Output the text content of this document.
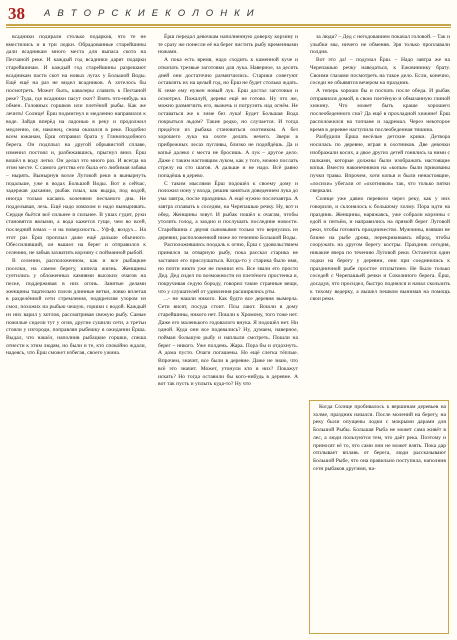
38 А В Т О Р С К И Е К О Л О Н К И

всадники подирали столько подарков, что те не вместились и в три лодки. Обрадованные старейшины дали всадникам много места для выпаса скота на Песчаной реке. И каждый год всадники дарят подарки старейшинам. И каждый год старейшины разрешают всадникам пасти скот на новых лугах у Большой Воды. Ещё ещё на раз не видел всадников. А хотелось бы посмотреть. Может быть, кавалеры славить к Песчаной реке? Туда, где всадники пасут скот? Взять что-нибудь на обмен. Головных горшков или плетёной рыбы. Как же лечить! Солнце! Ёрш подмигнул и медленно направился к воде. Зайдя вперёд на ладонью в реку и продолжил медленно, он, наконец, снова оказался в реке. Подобно всем южанам, Ёрш отправил брата у Глиноподобного берега. Он подплыл на другой обрывистой сплаве, изменил постоял и, разбежавшись, прыгнул вниз. Ёрш вошёл в воду легко. Он делал это много раз. И всегда на этом месте. С самого детства его была его любимая забава – нырять. Вынырнув возле Луговой реки и вынырнуть подальше, уже в водах Большой Воды. Вот и сейчас, задержав дыхание, рыбак плыл, как выдра, под водой, иногда только касаясь коленями песчаного дна. Не подделывая, лезь. Ещё надо взмахом и надо выныривать. Сердце бьётся всё сильнее и сильнее. В ушах гудит, руки становятся вялыми, а вода кажется гуще, чем во всей, последний взмах – и на поверхность... Уф-ф, воздух... На этот раз Ёрш проплыл даже ещё дальше обычного. Обессиливший, он вышел на берег и отправился к селению, не забыв захватить корзину с пойманной рыбой.

В селении, расположенном, как и все рыбацкие поселки, на самом берегу, кипела жизнь. Женщины суетились у обложенных камнями высоких очагов на песке, поддерживая в них огонь. Занятые делами женщины тщательно плели длинные ветки, ловко вплетая в разделённой сети стремления, подкрепляя узором из смол, похожих на рыбью чешую, горшки с водой. Каждый из них варил у котлов, рассматривая свежую рыбу. Самые пожилые сидели тут у огня, другие сушили сети, а третьи стояли у изгороди, поправляя рыбешку в ожидании Ёрша. Выдал, что нашёл, наполнив рыбацкие горшки, спеша отнести к этим людям, но были и те, кто спокойно ждали, надеясь, что Ёрш сможет избегая, своего ужина.

Ёрш передал девочкам наполненную доверху корзину и те сразу же понесли её на берег чистить рыбу временными ножами.

А пока есть время, надо сходить к каменной куче и откопать трезвые заготовки для лука. Наверное, за десять дней они достаточно размягчились. Старики советуют оставлять их на целый год, но Ёрш не будет столько ждать. К зиме ему нужен новый лук. Ёрш достал заготовки и осмотрел. Пожалуй, дерево ещё не готово. Ну что же, можно размягчить его, выжечь и погрузить над огнём. Не оставаться же к зиме без лука! Будет Большая Вода покрыться льдом? Такие редко, но случается. И тогда придётся из рыбака становиться охотником. А без хорошего лука на охоте делать нечего. Звери в прибрежных лесах пугливы, близко не подойдёшь. Да и копьё далеко с места не бросишь. А лук – другое дело. Даже с таким настоящим луком, как у того, можно послать стрелу на сто шагов. А дальше и не надо. Всё равно попадёшь в дерево.

С таким мыслями Ёрш подошёл к своему дому и положил иону у входа, решив заняться доведением лука до ума завтра, после праздника. А ещё нужно послезавтра. А завтра сплавать к соседям, на Черепашью речку. Ну, вот и обед. Женщины зовут. И рыбак пошёл к очагам, чтобы утолить голод, а заодно и послушать последние новости. Старейшина с двумя сыновьями только что вернулись из деревни, расположенной ниже по течению Большой Воды.

Расположившись поодаль к огню, Ёрш с удовольствием принялся за отварную рыбу, пока рассказ старика не заставил его прислушаться. Когда-то у старика было имя, но почти никто уже не помнил его. Все звали его просто Дед. Дед сидел по возможности из плетёного простенка и, покручивая седую бороду, говорил такие странные вещи, что у слушателей от удивления расширялись рты.

...- не нашли никого. Как будто все деревня вымерла. Сети висят, посуда стоит. Псы лают. Вошли в дому старейшины, никого нет. Пошли к Хромому, того тоже нет. Даже его маленького годовалого внука. Я подошёл нет. Ни одной. Куда они все подевались? Ну, думаем, наверное, пойман большую рыбу и наплыли смотреть. Пошли на берег – никого. Уже полдень. Жара. Пора бы и отдохнуть. А дома пусто. Очаги погашены. Но ещё слегка тёплые. Впрочем, значит, все были в деревне. Даже не знаю, что всё это значит. Может, утонули кто в них? Покажут искать? Но тогда оставили бы кого-нибудь в деревне. А вот так пусть и уплыть куда-то? Ну что

за люди? – Дед с негодованием покачал головой. – Так и улыбки мы, ничего не обменяв. Зря только проплавали полдня.

Вот это да! – подумал Ёрш. – Надо завтра же на Черепашью речку наведаться, к Ежовиннику брату. Своими глазами посмотреть на такое дело. Если, конечно, соседи не объявятся вечером на праздник.

А теперь хорошо бы и поспать после обеда. И рыбак отправился домой, в свою плетёную и обмазанную глиной хижину. Что может быть краше хорошего послеобеденного сна? Да ещё в прохладной хижине! Ёрш расположился на топчане и задремал. Через некоторое время в деревне наступила послеобеденная тишина.

Разбудили Ёрша весёлые детские крики. Детвора носилась по деревне, играя в охотников. Две девочки изображали косих, а двое других детей гонялись за ними с палками, которые должны были изображать настоящие копья. Вместо наконечников на «копья» были прикованы пучки травы. Впрочем, хотя копья и были ненастоящие, «лосихи» убегали от «охотников» так, что только пятки сверкали.

Солнце уже давно перевело через реку, как у них говорили, и склонялось к большому холму. Пора идти на праздник. Женщины, наряжаясь, уже собрали корзины с едой и питьём, и направились на прямой берег Луговой реки, чтобы готовить праздничество. Мужчины, взявши не ближе на рыбе дрова, перекрикиваясь вброд, чтобы сооружать на другом берегу костры. Праздник сегодня, никакие вчера по течению Луговой реки. Останется один лодки на берегу у деревни, они при соединились к праздничной рыбе простое отплытием. Не было только соседей с Черепашьей речки и Соколиного берега. Ёрш, досадуя, что просидел, быстро поднялся и начал скользить к тихому ведерку, а вышел пешком вынимая на помощь свои реки.

Когда Солнце пробивалось к вершинам деревьев на холме, праздник начался. После молений на берегу, на реку были опущены лодки с мокрыми дарами для Большой Рыбы. Большая Рыба не может сама живёт в лес, а люди пользуются тем, что даёт река. Поэтому и приносят её то, что сами они не может взять. Пока дар отплывает вплавь от берега, люди рассказывают Большой Рыбе, что она правильно поступила, наполнив сети рыбаков другими, на-
